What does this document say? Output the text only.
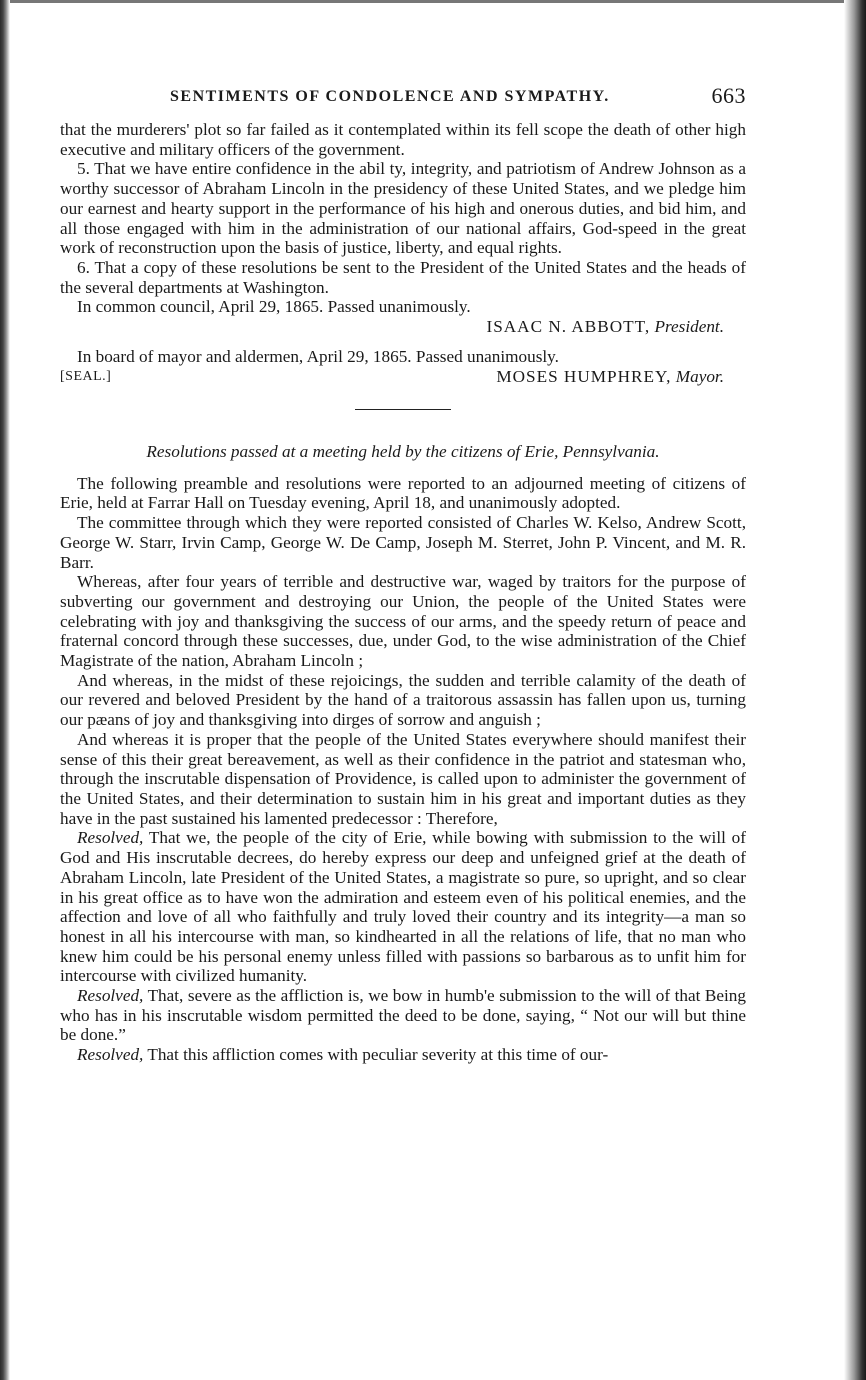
SENTIMENTS OF CONDOLENCE AND SYMPATHY.	663

that the murderers' plot so far failed as it contemplated within its fell scope the death of other high executive and military officers of the government.

5. That we have entire confidence in the abil ty, integrity, and patriotism of Andrew Johnson as a worthy successor of Abraham Lincoln in the presidency of these United States, and we pledge him our earnest and hearty support in the performance of his high and onerous duties, and bid him, and all those engaged with him in the administration of our national affairs, God-speed in the great work of reconstruction upon the basis of justice, liberty, and equal rights.

6. That a copy of these resolutions be sent to the President of the United States and the heads of the several departments at Washington.

In common council, April 29, 1865. Passed unanimously.

ISAAC N. ABBOTT, President.

In board of mayor and aldermen, April 29, 1865. Passed unanimously.

[SEAL.]	MOSES HUMPHREY, Mayor.
Resolutions passed at a meeting held by the citizens of Erie, Pennsylvania.

The following preamble and resolutions were reported to an adjourned meeting of citizens of Erie, held at Farrar Hall on Tuesday evening, April 18, and unanimously adopted.

The committee through which they were reported consisted of Charles W. Kelso, Andrew Scott, George W. Starr, Irvin Camp, George W. De Camp, Joseph M. Sterret, John P. Vincent, and M. R. Barr.

Whereas, after four years of terrible and destructive war, waged by traitors for the purpose of subverting our government and destroying our Union, the people of the United States were celebrating with joy and thanksgiving the success of our arms, and the speedy return of peace and fraternal concord through these successes, due, under God, to the wise administration of the Chief Magistrate of the nation, Abraham Lincoln ;

And whereas, in the midst of these rejoicings, the sudden and terrible calamity of the death of our revered and beloved President by the hand of a traitorous assassin has fallen upon us, turning our pæans of joy and thanksgiving into dirges of sorrow and anguish ;

And whereas it is proper that the people of the United States everywhere should manifest their sense of this their great bereavement, as well as their confidence in the patriot and statesman who, through the inscrutable dispensation of Providence, is called upon to administer the government of the United States, and their determination to sustain him in his great and important duties as they have in the past sustained his lamented predecessor : Therefore,

Resolved, That we, the people of the city of Erie, while bowing with submission to the will of God and His inscrutable decrees, do hereby express our deep and unfeigned grief at the death of Abraham Lincoln, late President of the United States, a magistrate so pure, so upright, and so clear in his great office as to have won the admiration and esteem even of his political enemies, and the affection and love of all who faithfully and truly loved their country and its integrity—a man so honest in all his intercourse with man, so kindhearted in all the relations of life, that no man who knew him could be his personal enemy unless filled with passions so barbarous as to unfit him for intercourse with civilized humanity.

Resolved, That, severe as the affliction is, we bow in humb'e submission to the will of that Being who has in his inscrutable wisdom permitted the deed to be done, saying, “ Not our will but thine be done.”

Resolved, That this affliction comes with peculiar severity at this time of our-
